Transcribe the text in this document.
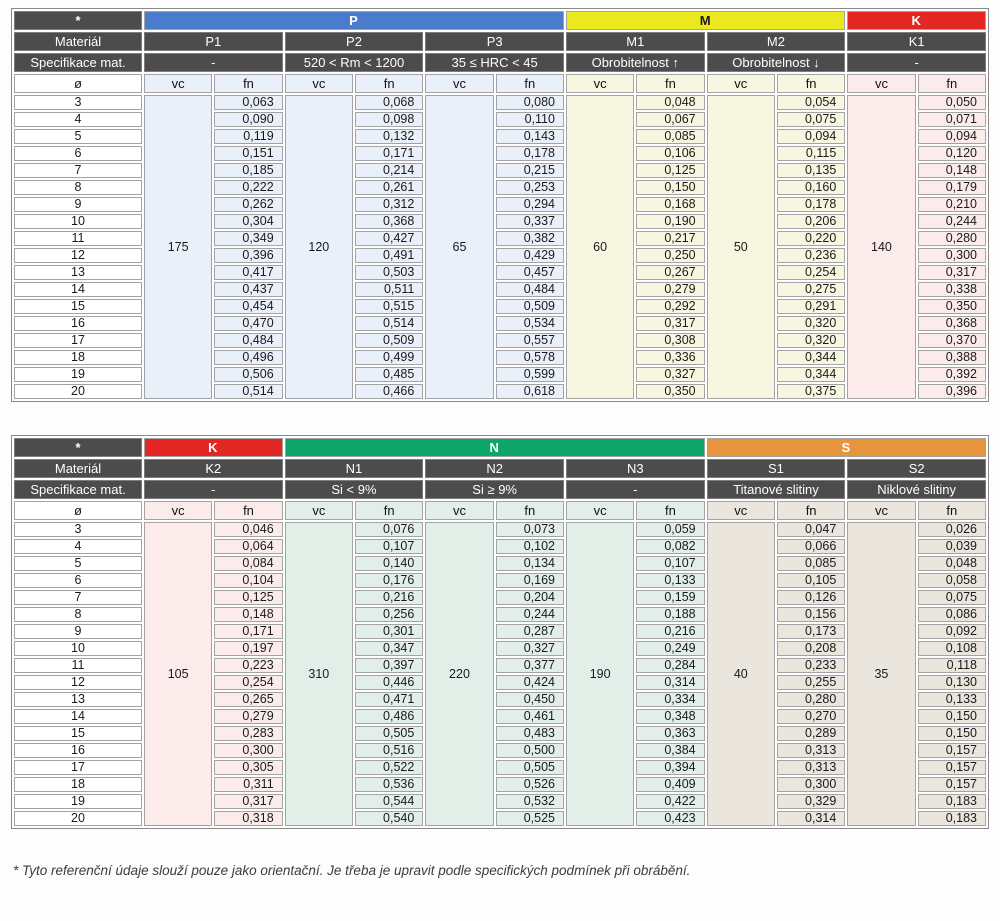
*	P						M				K	
Materiál	P1		P2		P3		M1		M2		K1	
Specifikace mat.	-		520 < Rm < 1200		35 ≤ HRC < 45		Obrobitelnost ↑		Obrobitelnost ↓		-	
ø	vc	fn	vc	fn	vc	fn	vc	fn	vc	fn	vc	fn
3	175	0,063	120	0,068	65	0,080	60	0,048	50	0,054	140	0,050
4		0,090		0,098		0,110		0,067		0,075		0,071
5		0,119		0,132		0,143		0,085		0,094		0,094
6		0,151		0,171		0,178		0,106		0,115		0,120
7		0,185		0,214		0,215		0,125		0,135		0,148
8		0,222		0,261		0,253		0,150		0,160		0,179
9		0,262		0,312		0,294		0,168		0,178		0,210
10		0,304		0,368		0,337		0,190		0,206		0,244
11		0,349		0,427		0,382		0,217		0,220		0,280
12		0,396		0,491		0,429		0,250		0,236		0,300
13		0,417		0,503		0,457		0,267		0,254		0,317
14		0,437		0,511		0,484		0,279		0,275		0,338
15		0,454		0,515		0,509		0,292		0,291		0,350
16		0,470		0,514		0,534		0,317		0,320		0,368
17		0,484		0,509		0,557		0,308		0,320		0,370
18		0,496		0,499		0,578		0,336		0,344		0,388
19		0,506		0,485		0,599		0,327		0,344		0,392
20		0,514		0,466		0,618		0,350		0,375		0,396
*	K		N						S			
Materiál	K2		N1		N2		N3		S1		S2	
Specifikace mat.	-		Si < 9%		Si ≥ 9%		-		Titanové slitiny		Niklové slitiny	
ø	vc	fn	vc	fn	vc	fn	vc	fn	vc	fn	vc	fn
3	105	0,046	310	0,076	220	0,073	190	0,059	40	0,047	35	0,026
4		0,064		0,107		0,102		0,082		0,066		0,039
5		0,084		0,140		0,134		0,107		0,085		0,048
6		0,104		0,176		0,169		0,133		0,105		0,058
7		0,125		0,216		0,204		0,159		0,126		0,075
8		0,148		0,256		0,244		0,188		0,156		0,086
9		0,171		0,301		0,287		0,216		0,173		0,092
10		0,197		0,347		0,327		0,249		0,208		0,108
11		0,223		0,397		0,377		0,284		0,233		0,118
12		0,254		0,446		0,424		0,314		0,255		0,130
13		0,265		0,471		0,450		0,334		0,280		0,133
14		0,279		0,486		0,461		0,348		0,270		0,150
15		0,283		0,505		0,483		0,363		0,289		0,150
16		0,300		0,516		0,500		0,384		0,313		0,157
17		0,305		0,522		0,505		0,394		0,313		0,157
18		0,311		0,536		0,526		0,409		0,300		0,157
19		0,317		0,544		0,532		0,422		0,329		0,183
20		0,318		0,540		0,525		0,423		0,314		0,183

* Tyto referenční údaje slouží pouze jako orientační. Je třeba je upravit podle specifických podmínek při obrábění.
